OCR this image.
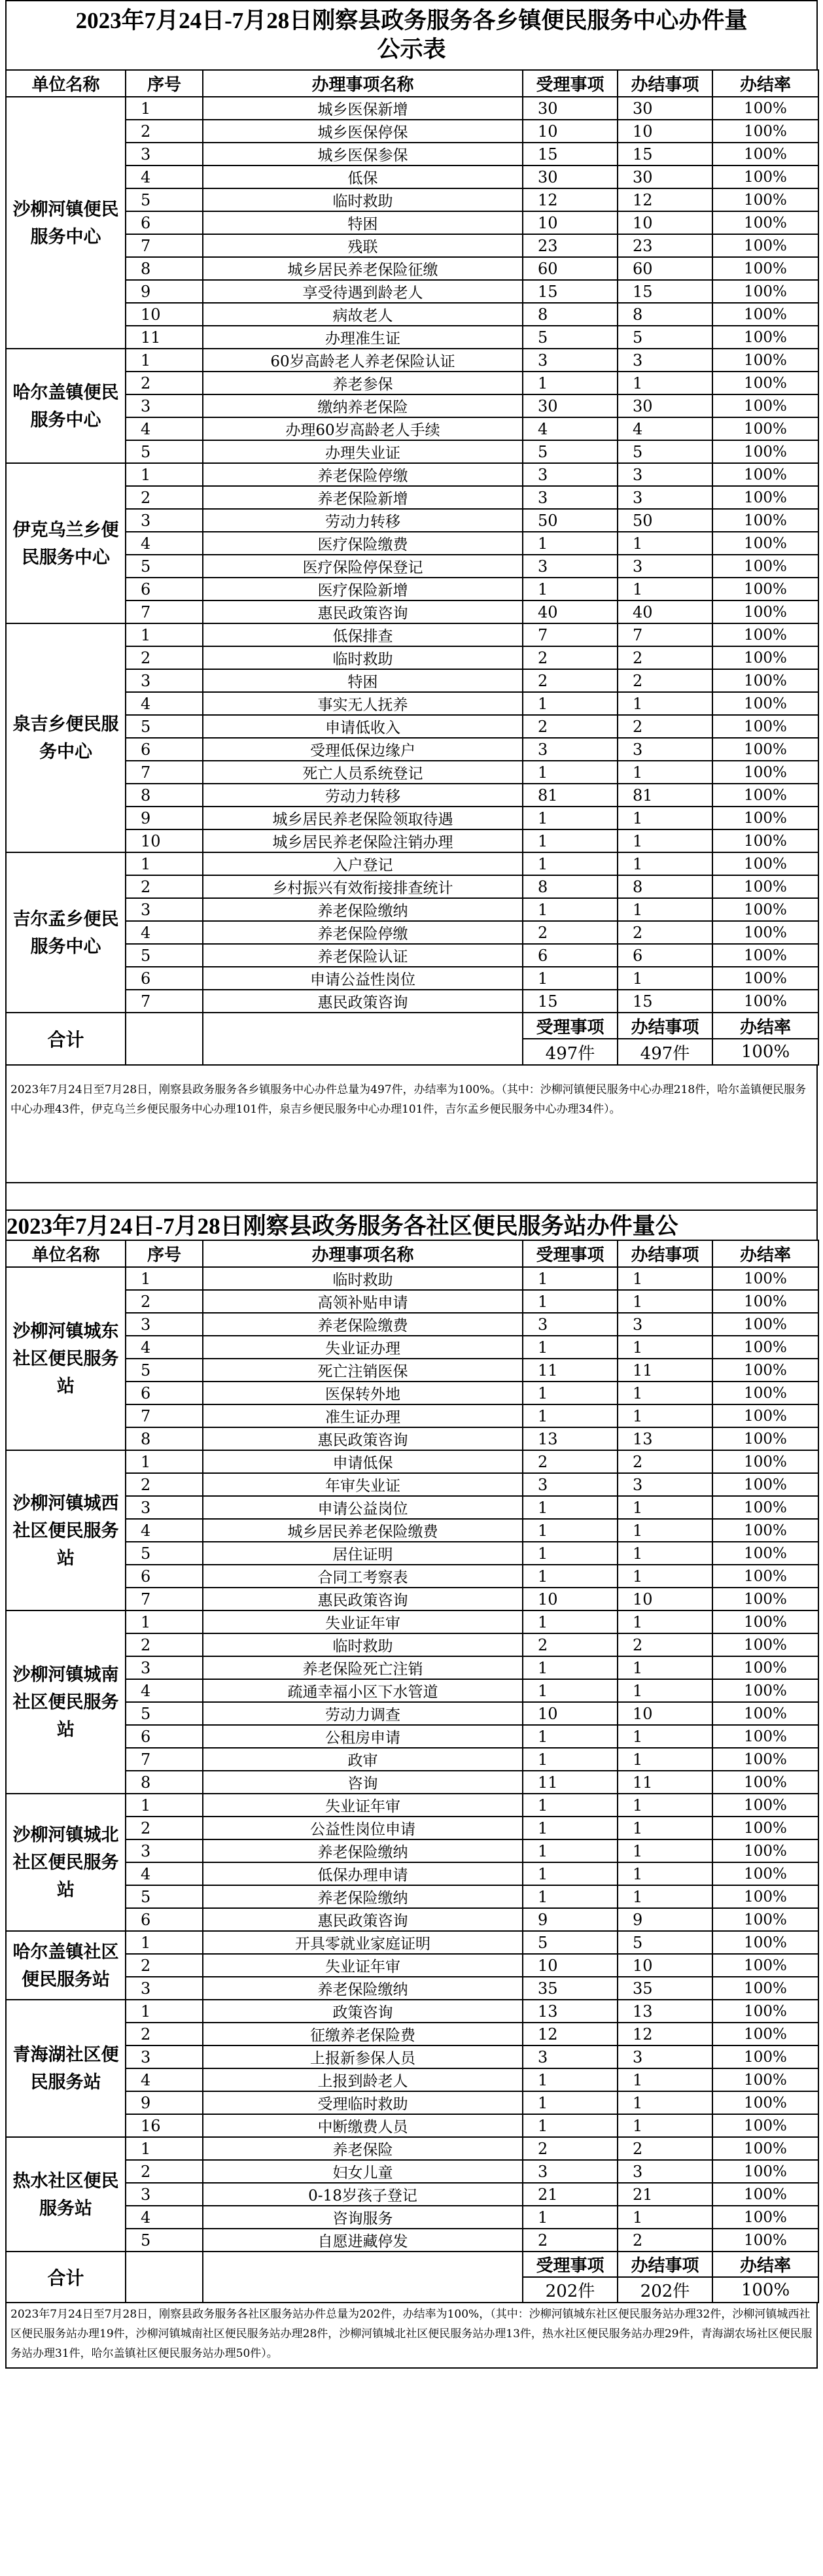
2023年7月24日-7月28日刚察县政务服务各乡镇便民服务中心办件量
公示表
单位名称	序号	办理事项名称	受理事项	办结事项	办结率
沙柳河镇便民服务中心	1	城乡医保新增	30	30	100%
	2	城乡医保停保	10	10	100%
	3	城乡医保参保	15	15	100%
	4	低保	30	30	100%
	5	临时救助	12	12	100%
	6	特困	10	10	100%
	7	残联	23	23	100%
	8	城乡居民养老保险征缴	60	60	100%
	9	享受待遇到龄老人	15	15	100%
	10	病故老人	8	8	100%
	11	办理准生证	5	5	100%
哈尔盖镇便民服务中心	1	60岁高龄老人养老保险认证	3	3	100%
	2	养老参保	1	1	100%
	3	缴纳养老保险	30	30	100%
	4	办理60岁高龄老人手续	4	4	100%
	5	办理失业证	5	5	100%
伊克乌兰乡便民服务中心	1	养老保险停缴	3	3	100%
	2	养老保险新增	3	3	100%
	3	劳动力转移	50	50	100%
	4	医疗保险缴费	1	1	100%
	5	医疗保险停保登记	3	3	100%
	6	医疗保险新增	1	1	100%
	7	惠民政策咨询	40	40	100%
泉吉乡便民服务中心	1	低保排查	7	7	100%
	2	临时救助	2	2	100%
	3	特困	2	2	100%
	4	事实无人抚养	1	1	100%
	5	申请低收入	2	2	100%
	6	受理低保边缘户	3	3	100%
	7	死亡人员系统登记	1	1	100%
	8	劳动力转移	81	81	100%
	9	城乡居民养老保险领取待遇	1	1	100%
	10	城乡居民养老保险注销办理	1	1	100%
吉尔孟乡便民服务中心	1	入户登记	1	1	100%
	2	乡村振兴有效衔接排查统计	8	8	100%
	3	养老保险缴纳	1	1	100%
	4	养老保险停缴	2	2	100%
	5	养老保险认证	6	6	100%
	6	申请公益性岗位	1	1	100%
	7	惠民政策咨询	15	15	100%
合计			受理事项	办结事项	办结率
			497件	497件	100%
2023年7月24日至7月28日，刚察县政务服务各乡镇服务中心办件总量为497件，办结率为100%。（其中：沙柳河镇便民服务中心办理218件，哈尔盖镇便民服务中心办理43件，伊克乌兰乡便民服务中心办理101件，泉吉乡便民服务中心办理101件，吉尔孟乡便民服务中心办理34件）。
2023年7月24日-7月28日刚察县政务服务各社区便民服务站办件量公
单位名称	序号	办理事项名称	受理事项	办结事项	办结率
沙柳河镇城东社区便民服务站	1	临时救助	1	1	100%
	2	高领补贴申请	1	1	100%
	3	养老保险缴费	3	3	100%
	4	失业证办理	1	1	100%
	5	死亡注销医保	11	11	100%
	6	医保转外地	1	1	100%
	7	准生证办理	1	1	100%
	8	惠民政策咨询	13	13	100%
沙柳河镇城西社区便民服务站	1	申请低保	2	2	100%
	2	年审失业证	3	3	100%
	3	申请公益岗位	1	1	100%
	4	城乡居民养老保险缴费	1	1	100%
	5	居住证明	1	1	100%
	6	合同工考察表	1	1	100%
	7	惠民政策咨询	10	10	100%
沙柳河镇城南社区便民服务站	1	失业证年审	1	1	100%
	2	临时救助	2	2	100%
	3	养老保险死亡注销	1	1	100%
	4	疏通幸福小区下水管道	1	1	100%
	5	劳动力调查	10	10	100%
	6	公租房申请	1	1	100%
	7	政审	1	1	100%
	8	咨询	11	11	100%
沙柳河镇城北社区便民服务站	1	失业证年审	1	1	100%
	2	公益性岗位申请	1	1	100%
	3	养老保险缴纳	1	1	100%
	4	低保办理申请	1	1	100%
	5	养老保险缴纳	1	1	100%
	6	惠民政策咨询	9	9	100%
哈尔盖镇社区便民服务站	1	开具零就业家庭证明	5	5	100%
	2	失业证年审	10	10	100%
	3	养老保险缴纳	35	35	100%
青海湖社区便民服务站	1	政策咨询	13	13	100%
	2	征缴养老保险费	12	12	100%
	3	上报新参保人员	3	3	100%
	4	上报到龄老人	1	1	100%
	9	受理临时救助	1	1	100%
	16	中断缴费人员	1	1	100%
热水社区便民服务站	1	养老保险	2	2	100%
	2	妇女儿童	3	3	100%
	3	0-18岁孩子登记	21	21	100%
	4	咨询服务	1	1	100%
	5	自愿进藏停发	2	2	100%
合计			受理事项	办结事项	办结率
			202件	202件	100%
2023年7月24日至7月28日，刚察县政务服务各社区服务站办件总量为202件，办结率为100%，（其中：沙柳河镇城东社区便民服务站办理32件，沙柳河镇城西社区便民服务站办理19件，沙柳河镇城南社区便民服务站办理28件，沙柳河镇城北社区便民服务站办理13件，热水社区便民服务站办理29件，青海湖农场社区便民服务站办理31件，哈尔盖镇社区便民服务站办理50件）。
